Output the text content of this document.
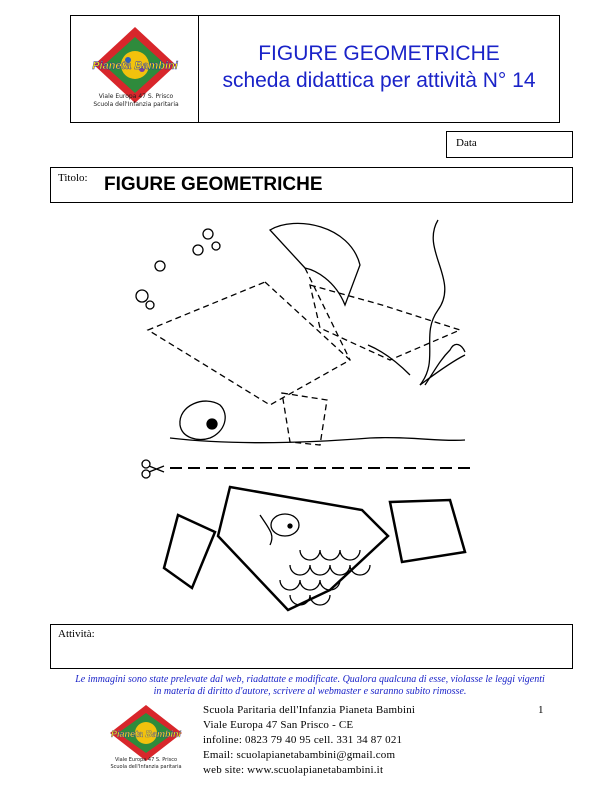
Pianeta Bambini
Viale Europa 47 S. Prisco
Scuola dell'Infanzia paritaria
FIGURE GEOMETRICHE
scheda didattica per attività N° 14
Data
Titolo: FIGURE GEOMETRICHE
Attività:
Le immagini sono state prelevate dal web, riadattate e modificate. Qualora qualcuna di esse, violasse le leggi vigenti
in materia di diritto d'autore, scrivere al webmaster e saranno subito rimosse.
1
Pianeta Bambini
Viale Europa 47 S. Prisco
Scuola dell'Infanzia paritaria
Scuola Paritaria dell'Infanzia Pianeta Bambini
Viale Europa 47 San Prisco - CE
infoline: 0823 79 40 95 cell. 331 34 87 021
Email: scuolapianetabambini@gmail.com
web site: www.scuolapianetabambini.it
